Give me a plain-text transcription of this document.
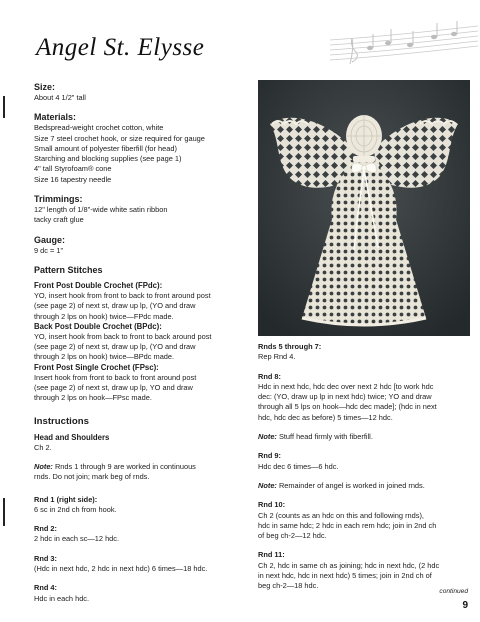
Angel St. Elysse
Size:
About 4 1/2" tall
Materials:
Bedspread-weight crochet cotton, white
Size 7 steel crochet hook, or size required for gauge
Small amount of polyester fiberfill (for head)
Starching and blocking supplies (see page 1)
4" tall Styrofoam® cone
Size 16 tapestry needle
Trimmings:
12" length of 1/8"-wide white satin ribbon
tacky craft glue
Gauge:
9 dc = 1"
Pattern Stitches
Front Post Double Crochet (FPdc):
YO, insert hook from front to back to front around post
(see page 2) of next st, draw up lp, (YO and draw
through 2 lps on hook) twice—FPdc made.
Back Post Double Crochet (BPdc):
YO, insert hook from back to front to back around post
(see page 2) of next st, draw up lp, (YO and draw
through 2 lps on hook) twice—BPdc made.
Front Post Single Crochet (FPsc):
Insert hook from front to back to front around post
(see page 2) of next st, draw up lp, YO and draw
through 2 lps on hook—FPsc made.
Instructions
Head and Shoulders
Ch 2.
Note: Rnds 1 through 9 are worked in continuous
rnds. Do not join; mark beg of rnds.
Rnd 1 (right side):
6 sc in 2nd ch from hook.
Rnd 2:
2 hdc in each sc—12 hdc.
Rnd 3:
(Hdc in next hdc, 2 hdc in next hdc) 6 times—18 hdc.
Rnd 4:
Hdc in each hdc.
Rnds 5 through 7:
Rep Rnd 4.
Rnd 8:
Hdc in next hdc, hdc dec over next 2 hdc [to work hdc
dec: (YO, draw up lp in next hdc) twice; YO and draw
through all 5 lps on hook—hdc dec made]; (hdc in next
hdc, hdc dec as before) 5 times—12 hdc.
Note: Stuff head firmly with fiberfill.
Rnd 9:
Hdc dec 6 times—6 hdc.
Note: Remainder of angel is worked in joined rnds.
Rnd 10:
Ch 2 (counts as an hdc on this and following rnds),
hdc in same hdc; 2 hdc in each rem hdc; join in 2nd ch
of beg ch-2—12 hdc.
Rnd 11:
Ch 2, hdc in same ch as joining; hdc in next hdc, (2 hdc
in next hdc, hdc in next hdc) 5 times; join in 2nd ch of
beg ch-2—18 hdc.
continued
9
